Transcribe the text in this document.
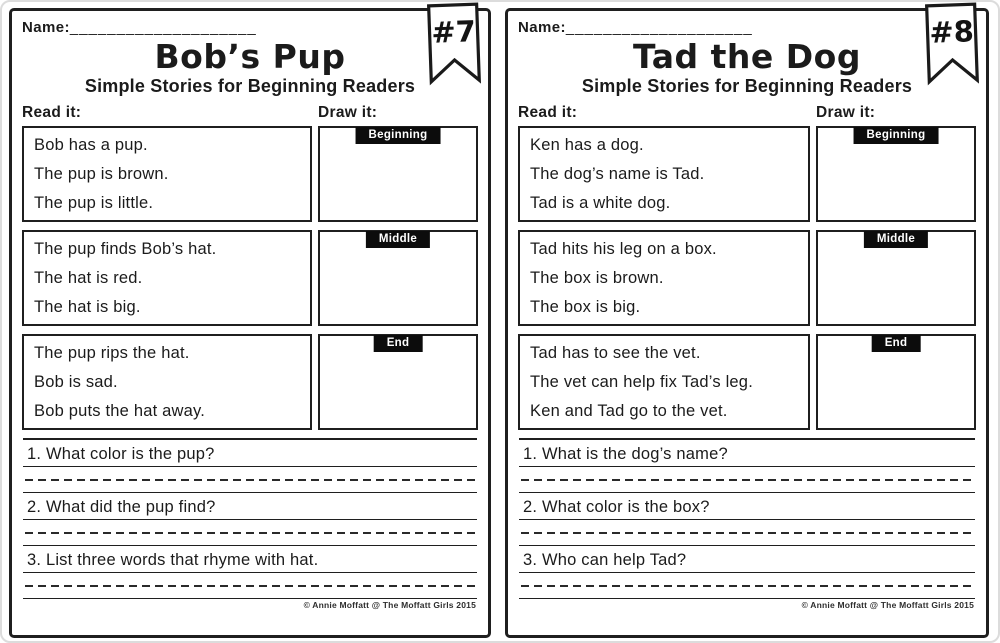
#7
Name:____________________
Bob’s Pup
Simple Stories for Beginning Readers
Read it:	Draw it:
Bob has a pup.
The pup is brown.
The pup is little.
Beginning
The pup finds Bob’s hat.
The hat is red.
The hat is big.
Middle
The pup rips the hat.
Bob is sad.
Bob puts the hat away.
End
1. What color is the pup?
2. What did the pup find?
3. List three words that rhyme with hat.
© Annie Moffatt @ The Moffatt Girls 2015
#8
Name:____________________
Tad the Dog
Simple Stories for Beginning Readers
Read it:	Draw it:
Ken has a dog.
The dog’s name is Tad.
Tad is a white dog.
Beginning
Tad hits his leg on a box.
The box is brown.
The box is big.
Middle
Tad has to see the vet.
The vet can help fix Tad’s leg.
Ken and Tad go to the vet.
End
1. What is the dog’s name?
2. What color is the box?
3. Who can help Tad?
© Annie Moffatt @ The Moffatt Girls 2015
